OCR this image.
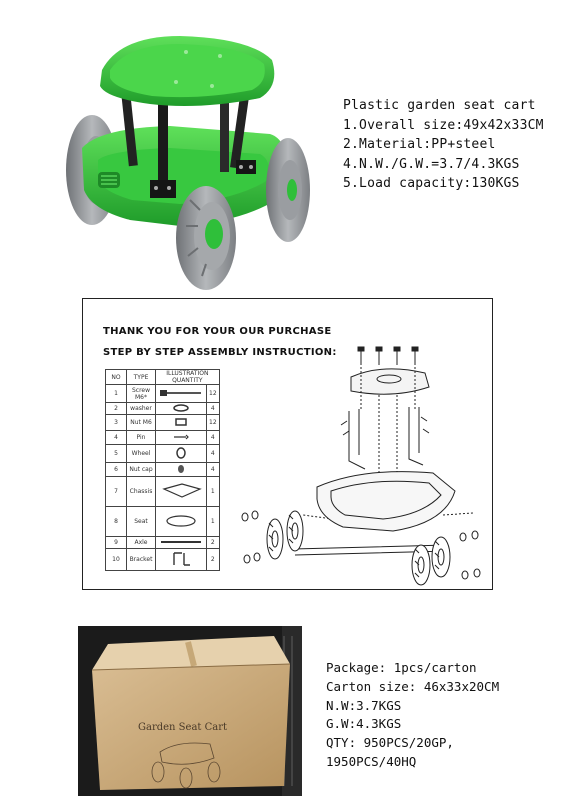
Plastic garden seat cart
1.Overall size:49x42x33CM
2.Material:PP+steel
4.N.W./G.W.=3.7/4.3KGS
5.Load capacity:130KGS
THANK YOU FOR YOUR OUR PURCHASE
STEP BY STEP ASSEMBLY INSTRUCTION:
NO	TYPE	ILLUSTRATION QUANTITY	
1	Screw M6*		12
2	washer		4
3	Nut M6		12
4	Pin		4
5	Wheel		4
6	Nut cap		4
7	Chassis		1
8	Seat		1
9	Axle		2
10	Bracket		2
Garden Seat Cart
Package: 1pcs/carton
Carton size: 46x33x20CM
N.W:3.7KGS
G.W:4.3KGS
QTY: 950PCS/20GP,
1950PCS/40HQ
